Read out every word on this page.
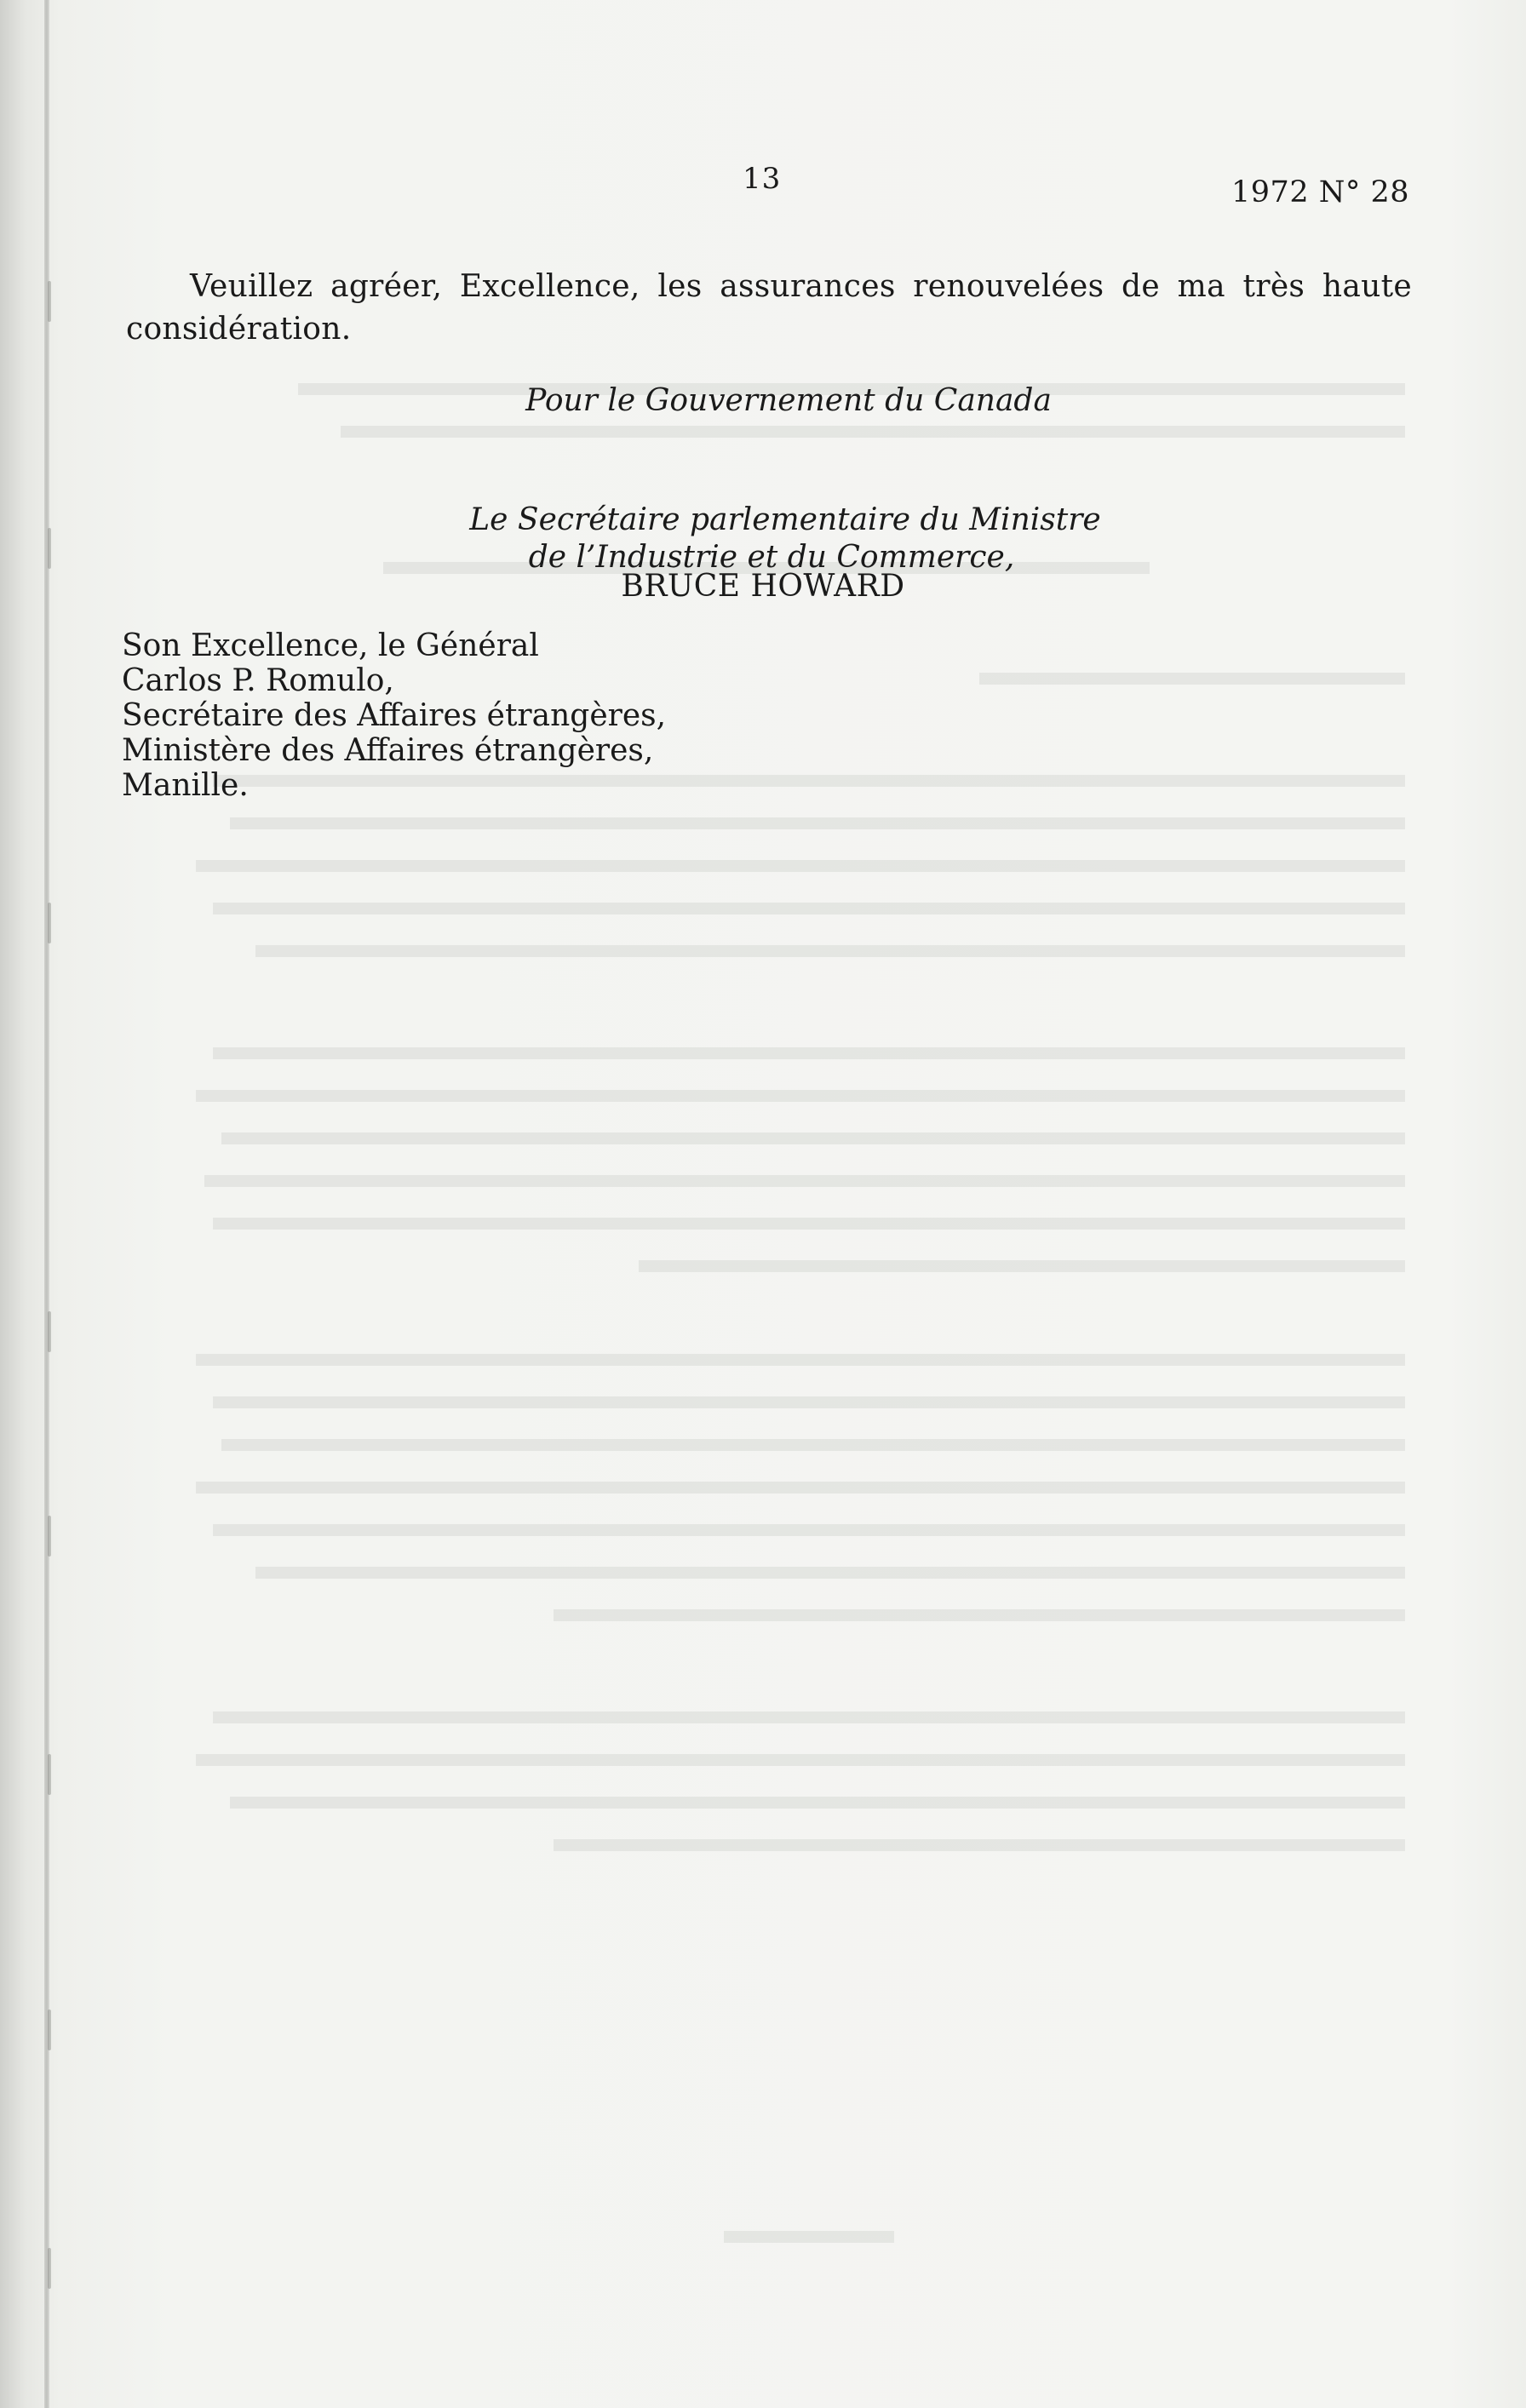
13	1972 N° 28
Veuillez agréer, Excellence, les assurances renouvelées de ma très haute considération.
Pour le Gouvernement du Canada
Le Secrétaire parlementaire du Ministre
de l’Industrie et du Commerce,
BRUCE HOWARD
Son Excellence, le Général
Carlos P. Romulo,
Secrétaire des Affaires étrangères,
Ministère des Affaires étrangères,
Manille.
